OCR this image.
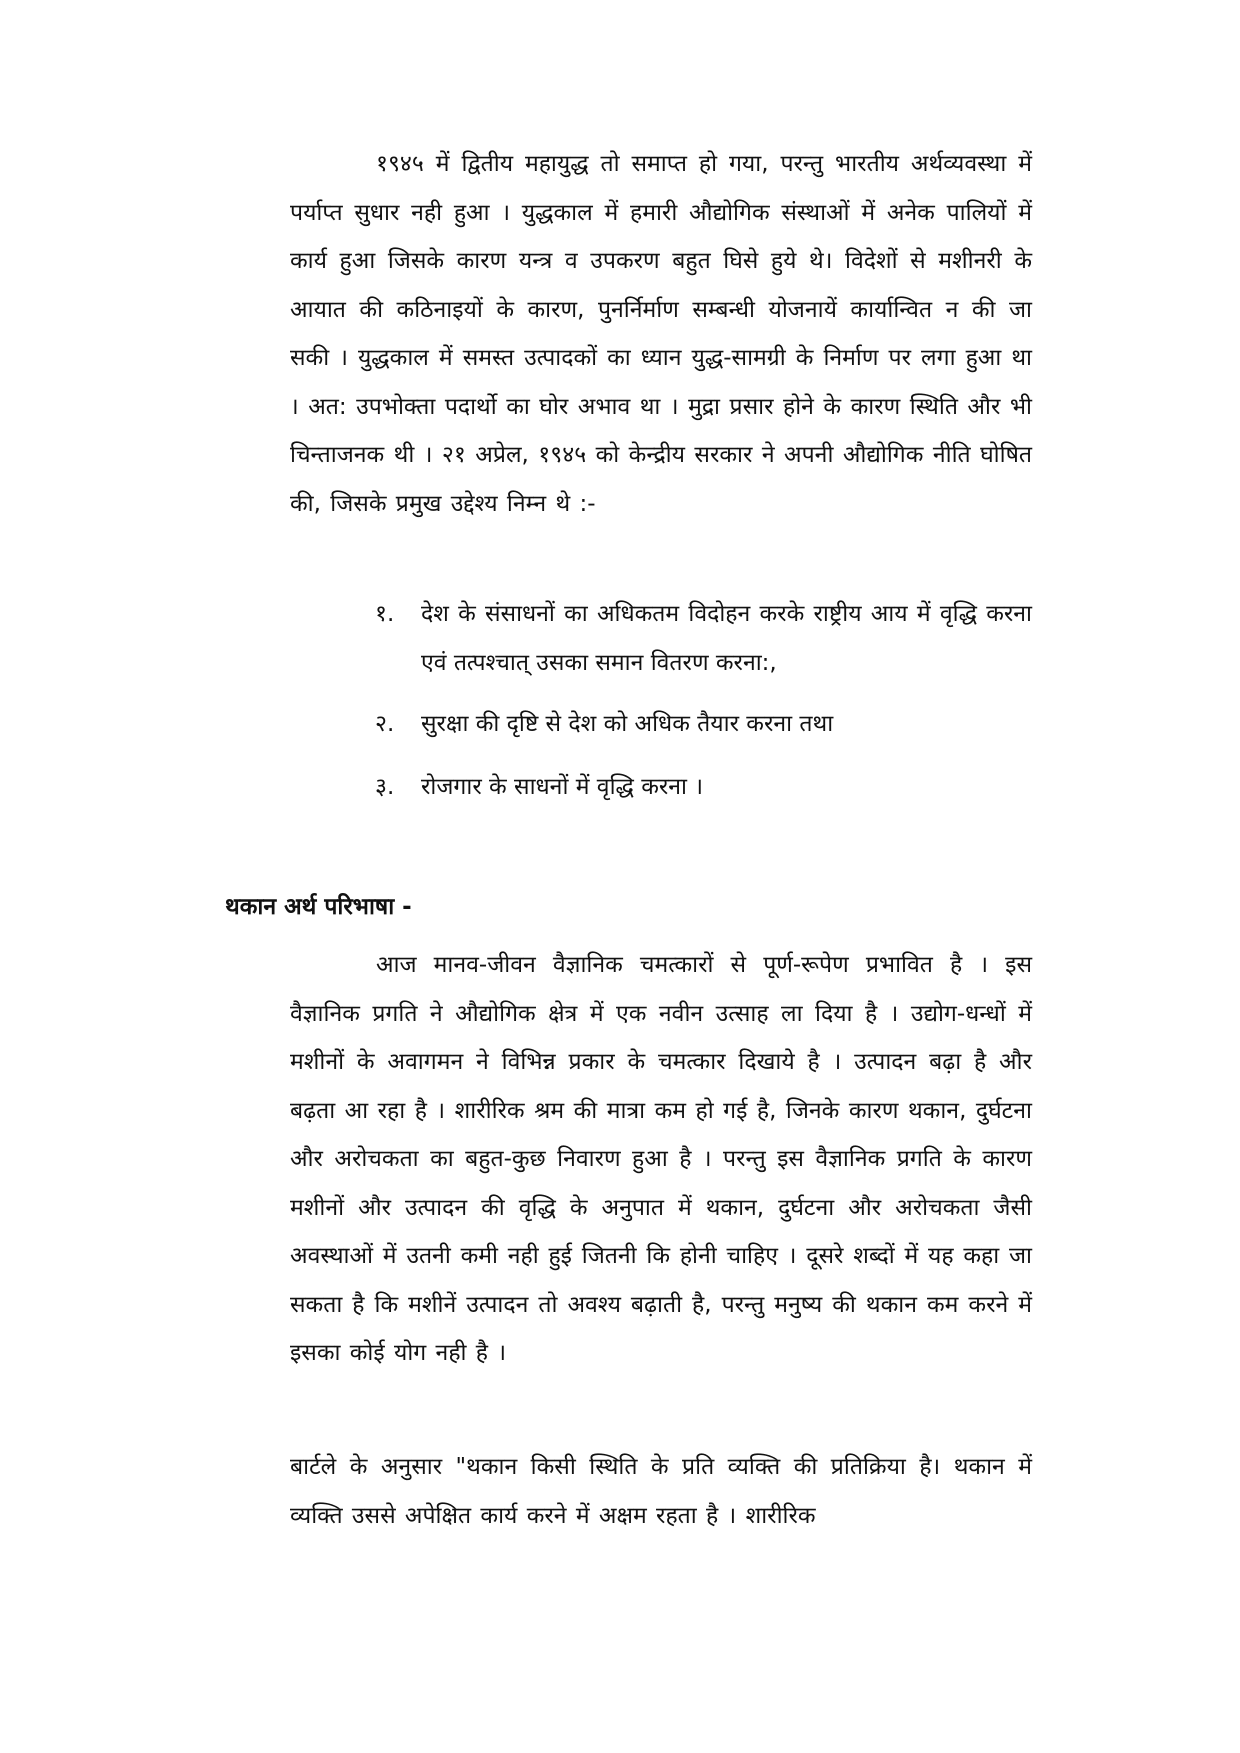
१९४५ में द्वितीय महायुद्ध तो समाप्त हो गया, परन्तु भारतीय अर्थव्यवस्था में पर्याप्त सुधार नही हुआ । युद्धकाल में हमारी औद्योगिक संस्थाओं में अनेक पालियों में कार्य हुआ जिसके कारण यन्त्र व उपकरण बहुत घिसे हुये थे। विदेशों से मशीनरी के आयात की कठिनाइयों के कारण, पुनर्निर्माण सम्बन्धी योजनायें कार्यान्वित न की जा सकी । युद्धकाल में समस्त उत्पादकों का ध्यान युद्ध-सामग्री के निर्माण पर लगा हुआ था । अत: उपभोक्ता पदार्थो का घोर अभाव था । मुद्रा प्रसार होने के कारण स्थिति और भी चिन्ताजनक थी । २१ अप्रेल, १९४५ को केन्द्रीय सरकार ने अपनी औद्योगिक नीति घोषित की, जिसके प्रमुख उद्देश्य निम्न थे :-

१.	देश के संसाधनों का अधिकतम विदोहन करके राष्ट्रीय आय में वृद्धि करना एवं तत्पश्चात् उसका समान वितरण करना:,
२.	सुरक्षा की दृष्टि से देश को अधिक तैयार करना तथा
३.	रोजगार के साधनों में वृद्धि करना ।
थकान अर्थ परिभाषा -

आज मानव-जीवन वैज्ञानिक चमत्कारों से पूर्ण-रूपेण प्रभावित है । इस वैज्ञानिक प्रगति ने औद्योगिक क्षेत्र में एक नवीन उत्साह ला दिया है । उद्योग-धन्धों में मशीनों के अवागमन ने विभिन्न प्रकार के चमत्कार दिखाये है । उत्पादन बढ़ा है और बढ़ता आ रहा है । शारीरिक श्रम की मात्रा कम हो गई है, जिनके कारण थकान, दुर्घटना और अरोचकता का बहुत-कुछ निवारण हुआ है । परन्तु इस वैज्ञानिक प्रगति के कारण मशीनों और उत्पादन की वृद्धि के अनुपात में थकान, दुर्घटना और अरोचकता जैसी अवस्थाओं में उतनी कमी नही हुई जितनी कि होनी चाहिए । दूसरे शब्दों में यह कहा जा सकता है कि मशीनें उत्पादन तो अवश्य बढ़ाती है, परन्तु मनुष्य की थकान कम करने में इसका कोई योग नही है ।

बार्टले के अनुसार "थकान किसी स्थिति के प्रति व्यक्ति की प्रतिक्रिया है। थकान में व्यक्ति उससे अपेक्षित कार्य करने में अक्षम रहता है । शारीरिक
